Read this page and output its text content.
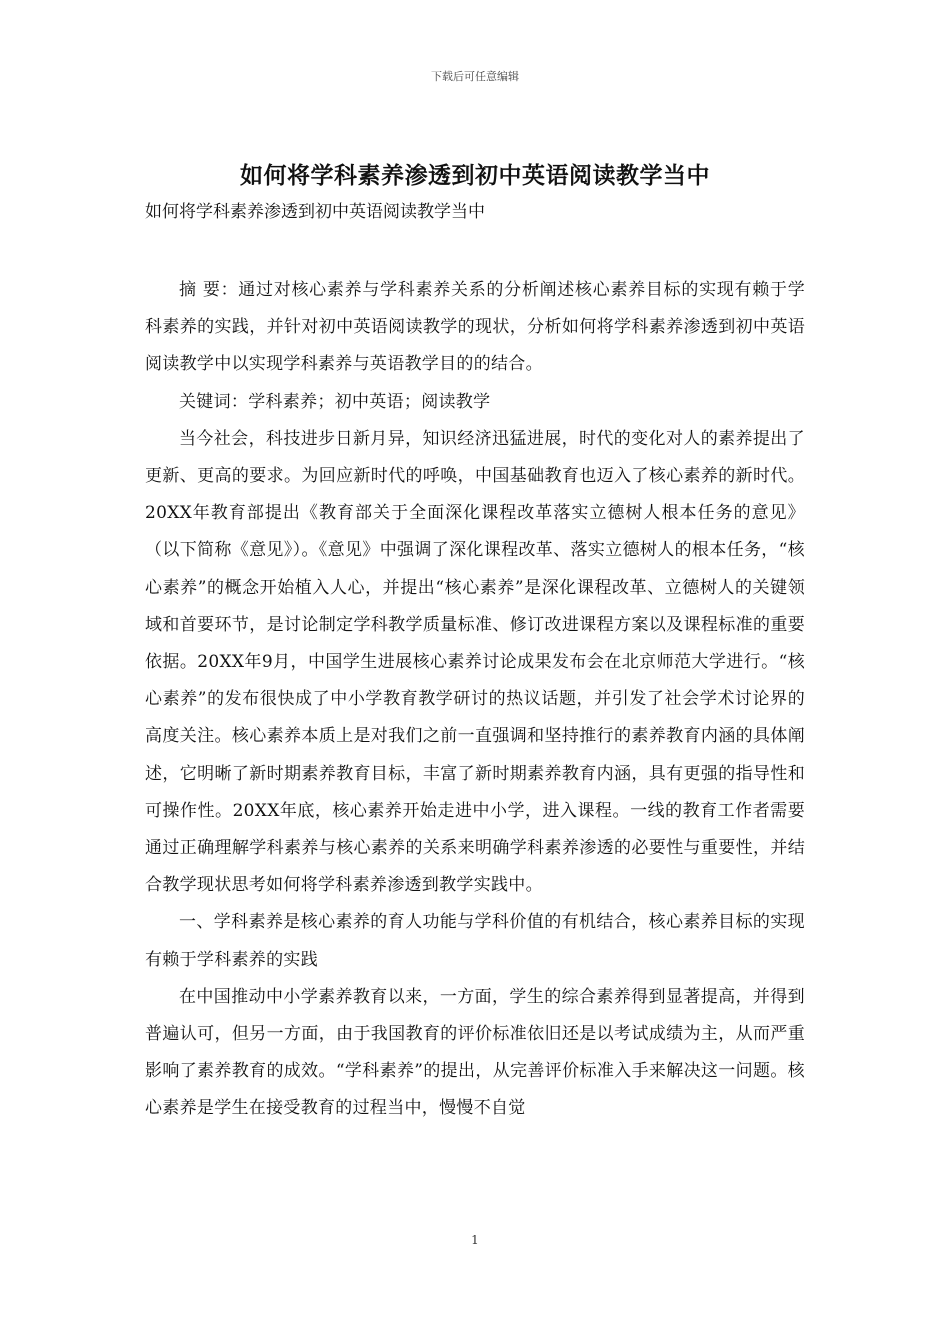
下载后可任意编辑
如何将学科素养渗透到初中英语阅读教学当中

如何将学科素养渗透到初中英语阅读教学当中

摘 要：通过对核心素养与学科素养关系的分析阐述核心素养目标的实现有赖于学科素养的实践，并针对初中英语阅读教学的现状，分析如何将学科素养渗透到初中英语阅读教学中以实现学科素养与英语教学目的的结合。

关键词：学科素养；初中英语；阅读教学

当今社会，科技进步日新月异，知识经济迅猛进展，时代的变化对人的素养提出了更新、更高的要求。为回应新时代的呼唤，中国基础教育也迈入了核心素养的新时代。20XX年教育部提出《教育部关于全面深化课程改革落实立德树人根本任务的意见》（以下简称《意见》）。《意见》中强调了深化课程改革、落实立德树人的根本任务，“核心素养”的概念开始植入人心，并提出“核心素养”是深化课程改革、立德树人的关键领域和首要环节，是讨论制定学科教学质量标准、修订改进课程方案以及课程标准的重要依据。20XX年9月，中国学生进展核心素养讨论成果发布会在北京师范大学进行。“核心素养”的发布很快成了中小学教育教学研讨的热议话题，并引发了社会学术讨论界的高度关注。核心素养本质上是对我们之前一直强调和坚持推行的素养教育内涵的具体阐述，它明晰了新时期素养教育目标，丰富了新时期素养教育内涵，具有更强的指导性和可操作性。20XX年底，核心素养开始走进中小学，进入课程。一线的教育工作者需要通过正确理解学科素养与核心素养的关系来明确学科素养渗透的必要性与重要性，并结合教学现状思考如何将学科素养渗透到教学实践中。

一、学科素养是核心素养的育人功能与学科价值的有机结合，核心素养目标的实现有赖于学科素养的实践

在中国推动中小学素养教育以来，一方面，学生的综合素养得到显著提高，并得到普遍认可，但另一方面，由于我国教育的评价标准依旧还是以考试成绩为主，从而严重影响了素养教育的成效。“学科素养”的提出，从完善评价标准入手来解决这一问题。核心素养是学生在接受教育的过程当中，慢慢不自觉

1
